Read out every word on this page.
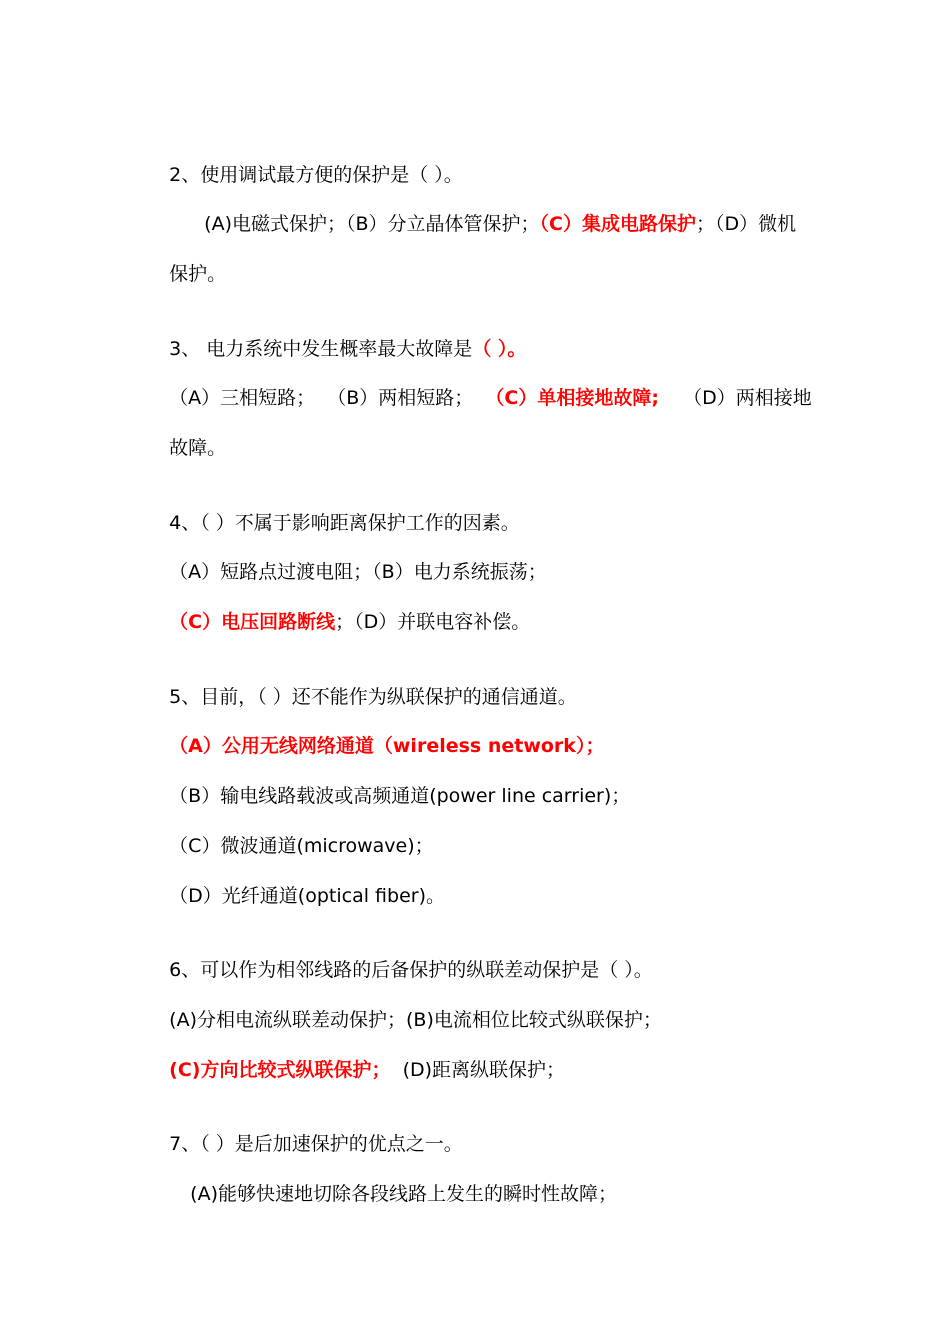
2、使用调试最方便的保护是（ ）。

(A)电磁式保护；（B）分立晶体管保护；（C）集成电路保护；（D）微机

保护。

3、 电力系统中发生概率最大故障是（ ）。

（A）三相短路；  （B）两相短路；  （C）单相接地故障;    （D）两相接地

故障。

4、（ ）不属于影响距离保护工作的因素。

（A）短路点过渡电阻；（B）电力系统振荡；

（C）电压回路断线；（D）并联电容补偿。

5、目前，（ ）还不能作为纵联保护的通信通道。

（A）公用无线网络通道（wireless network）；

（B）输电线路载波或高频通道(power line carrier)；

（C）微波通道(microwave)；

（D）光纤通道(optical fiber)。

6、可以作为相邻线路的后备保护的纵联差动保护是（ ）。

(A)分相电流纵联差动保护；(B)电流相位比较式纵联保护；

(C)方向比较式纵联保护；  (D)距离纵联保护；

7、（ ）是后加速保护的优点之一。

(A)能够快速地切除各段线路上发生的瞬时性故障；
